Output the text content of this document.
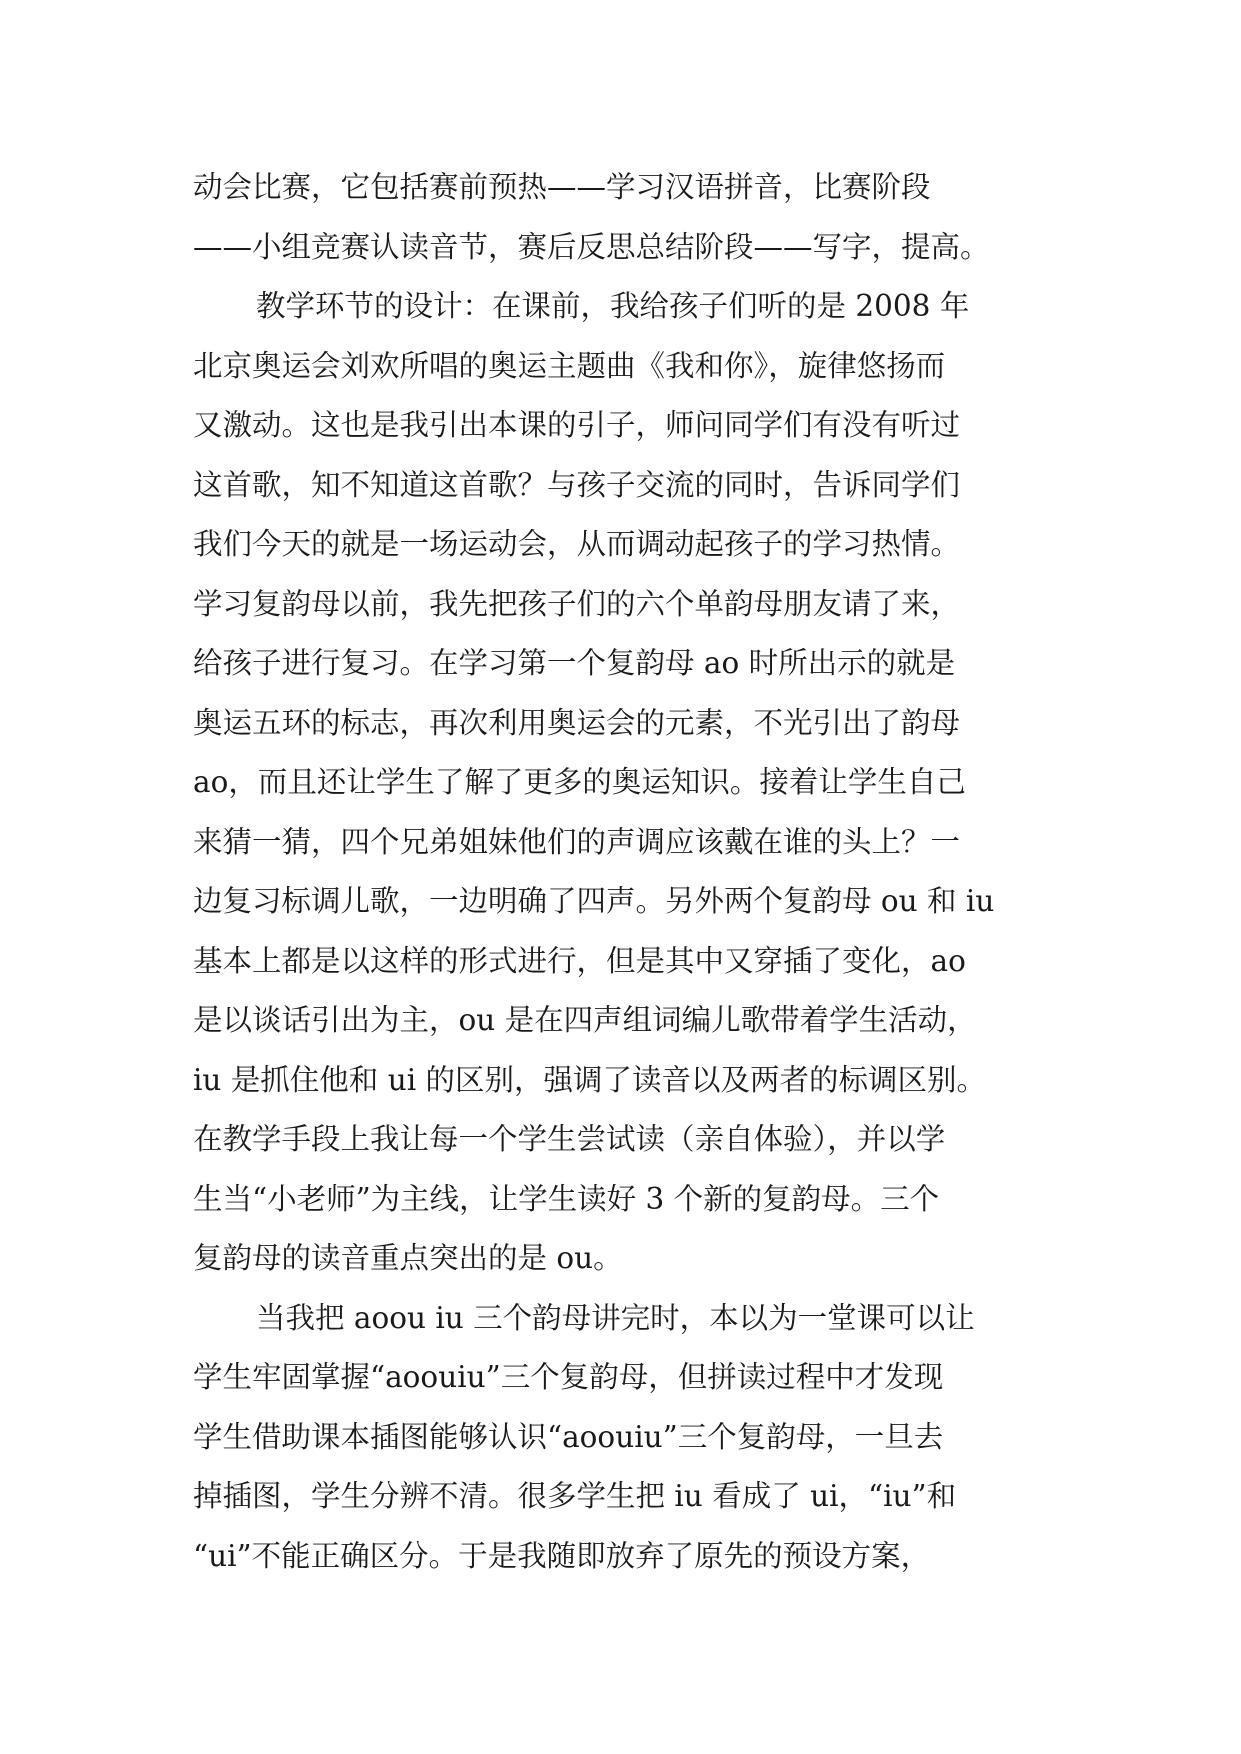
动会比赛，它包括赛前预热——学习汉语拼音，比赛阶段
——小组竞赛认读音节，赛后反思总结阶段——写字，提高。
教学环节的设计：在课前，我给孩子们听的是 2008 年
北京奥运会刘欢所唱的奥运主题曲《我和你》，旋律悠扬而
又激动。这也是我引出本课的引子，师问同学们有没有听过
这首歌，知不知道这首歌？与孩子交流的同时，告诉同学们
我们今天的就是一场运动会，从而调动起孩子的学习热情。
学习复韵母以前，我先把孩子们的六个单韵母朋友请了来，
给孩子进行复习。在学习第一个复韵母 ao 时所出示的就是
奥运五环的标志，再次利用奥运会的元素，不光引出了韵母
ao，而且还让学生了解了更多的奥运知识。接着让学生自己
来猜一猜，四个兄弟姐妹他们的声调应该戴在谁的头上？一
边复习标调儿歌，一边明确了四声。另外两个复韵母 ou 和 iu
基本上都是以这样的形式进行，但是其中又穿插了变化，ao
是以谈话引出为主，ou 是在四声组词编儿歌带着学生活动，
iu 是抓住他和 ui 的区别，强调了读音以及两者的标调区别。
在教学手段上我让每一个学生尝试读（亲自体验），并以学
生当“小老师”为主线，让学生读好 3 个新的复韵母。三个
复韵母的读音重点突出的是 ou。
当我把 aoou iu 三个韵母讲完时，本以为一堂课可以让
学生牢固掌握“aoouiu”三个复韵母，但拼读过程中才发现
学生借助课本插图能够认识“aoouiu”三个复韵母，一旦去
掉插图，学生分辨不清。很多学生把 iu 看成了 ui，“iu”和
“ui”不能正确区分。于是我随即放弃了原先的预设方案，
